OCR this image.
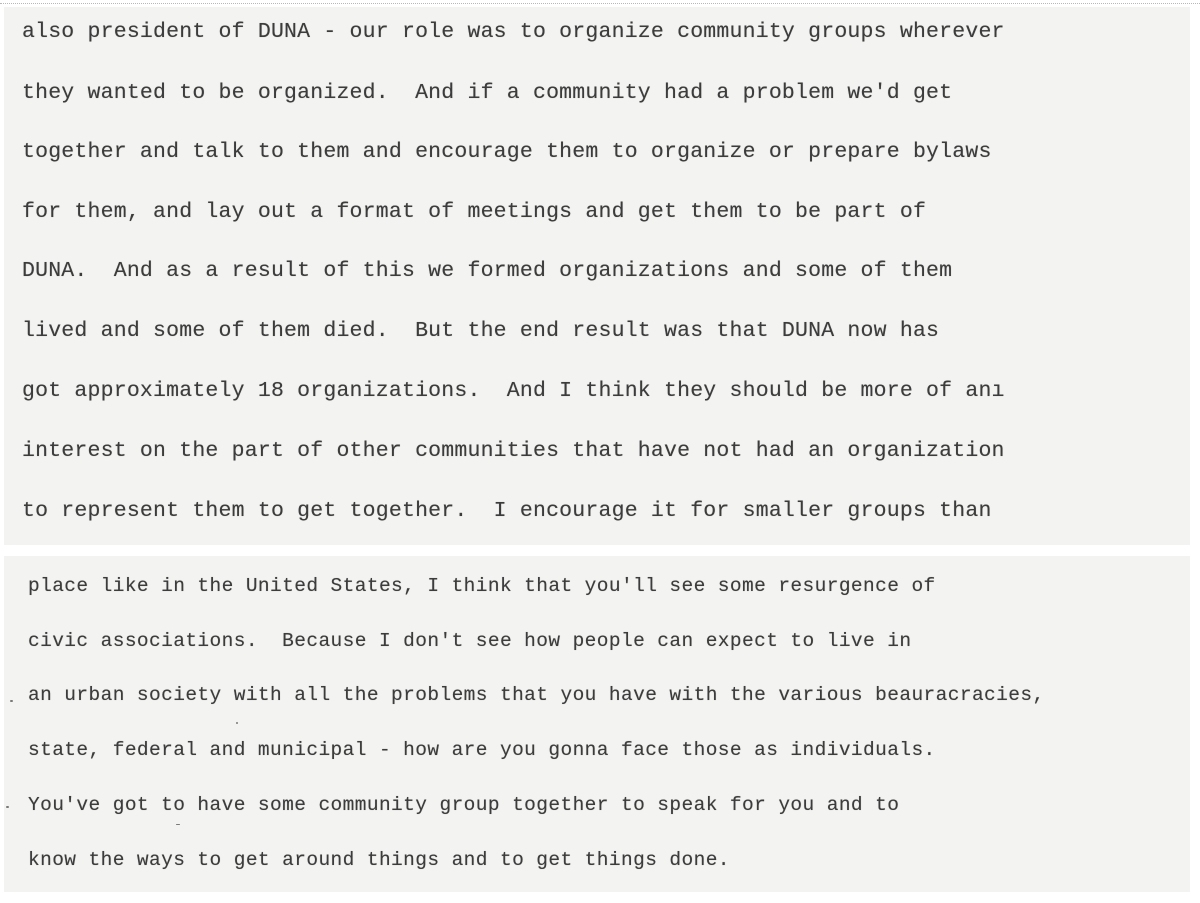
also president of DUNA - our role was to organize community groups wherever
they wanted to be organized.  And if a community had a problem we'd get
together and talk to them and encourage them to organize or prepare bylaws
for them, and lay out a format of meetings and get them to be part of
DUNA.  And as a result of this we formed organizations and some of them
lived and some of them died.  But the end result was that DUNA now has
got approximately 18 organizations.  And I think they should be more of anı
interest on the part of other communities that have not had an organization
to represent them to get together.  I encourage it for smaller groups than
place like in the United States, I think that you'll see some resurgence of
civic associations.  Because I don't see how people can expect to live in
an urban society with all the problems that you have with the various beauracracies,
state, federal and municipal - how are you gonna face those as individuals.
You've got to have some community group together to speak for you and to
know the ways to get around things and to get things done.
